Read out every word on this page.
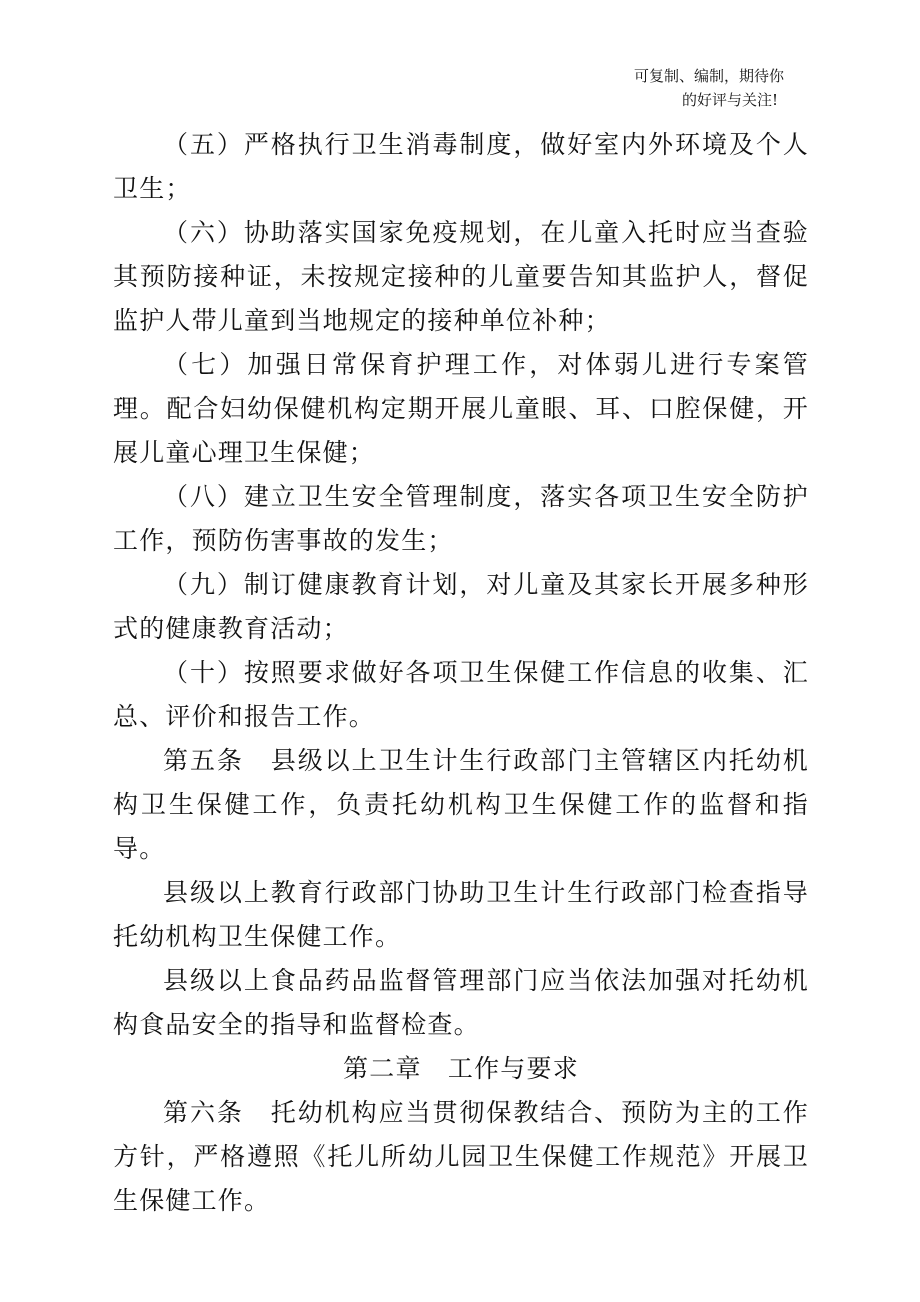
可复制、编制，期待你
的好评与关注!

（五）严格执行卫生消毒制度，做好室内外环境及个人卫生；

（六）协助落实国家免疫规划，在儿童入托时应当查验其预防接种证，未按规定接种的儿童要告知其监护人，督促监护人带儿童到当地规定的接种单位补种；

（七）加强日常保育护理工作，对体弱儿进行专案管理。配合妇幼保健机构定期开展儿童眼、耳、口腔保健，开展儿童心理卫生保健；

（八）建立卫生安全管理制度，落实各项卫生安全防护工作，预防伤害事故的发生；

（九）制订健康教育计划，对儿童及其家长开展多种形式的健康教育活动；

（十）按照要求做好各项卫生保健工作信息的收集、汇总、评价和报告工作。

第五条　县级以上卫生计生行政部门主管辖区内托幼机构卫生保健工作，负责托幼机构卫生保健工作的监督和指导。

县级以上教育行政部门协助卫生计生行政部门检查指导托幼机构卫生保健工作。

县级以上食品药品监督管理部门应当依法加强对托幼机构食品安全的指导和监督检查。

第二章　工作与要求

第六条　托幼机构应当贯彻保教结合、预防为主的工作方针，严格遵照《托儿所幼儿园卫生保健工作规范》开展卫生保健工作。
